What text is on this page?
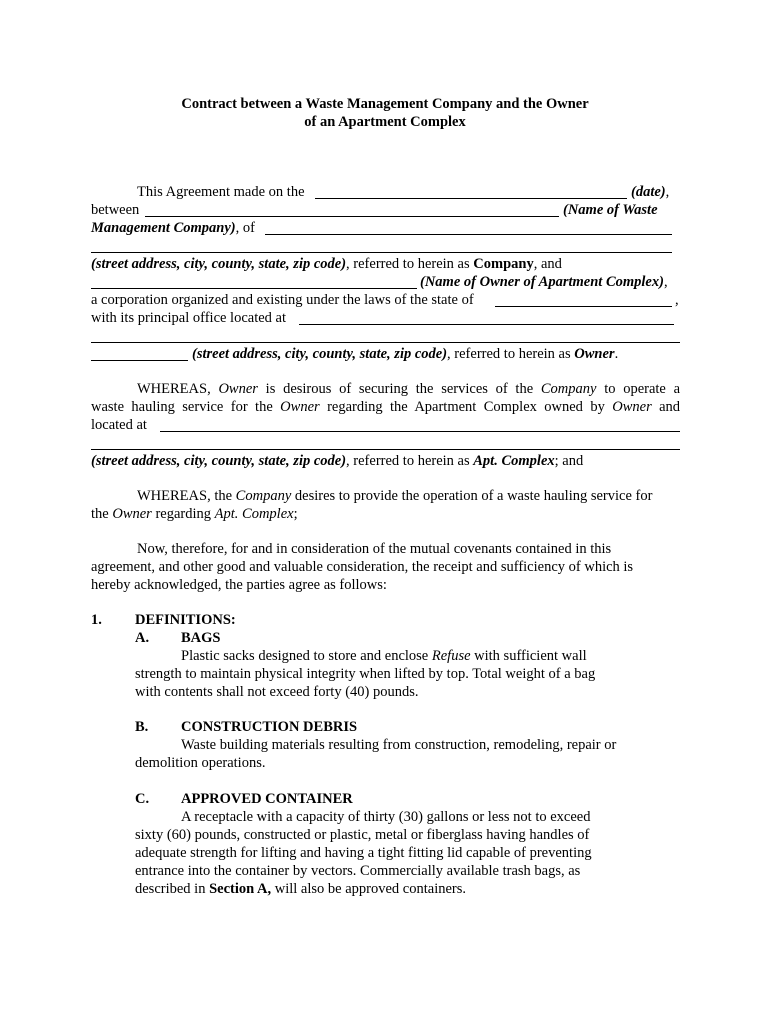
Contract between a Waste Management Company and the Owner
of an Apartment Complex
This Agreement made on the	(date),
between	(Name of Waste
Management Company), of
(street address, city, county, state, zip code), referred to herein as Company, and
(Name of Owner of Apartment Complex),
a corporation organized and existing under the laws of the state of	,
with its principal office located at
(street address, city, county, state, zip code), referred to herein as Owner.
WHEREAS, Owner is desirous of securing the services of the Company to operate a
waste hauling service for the Owner regarding the Apartment Complex owned by Owner and
located at
(street address, city, county, state, zip code), referred to herein as Apt. Complex; and
WHEREAS, the Company desires to provide the operation of a waste hauling service for
the Owner regarding Apt. Complex;
Now, therefore, for and in consideration of the mutual covenants contained in this
agreement, and other good and valuable consideration, the receipt and sufficiency of which is
hereby acknowledged, the parties agree as follows:
1. DEFINITIONS:
A. BAGS
Plastic sacks designed to store and enclose Refuse with sufficient wall
strength to maintain physical integrity when lifted by top. Total weight of a bag
with contents shall not exceed forty (40) pounds.
B. CONSTRUCTION DEBRIS
Waste building materials resulting from construction, remodeling, repair or
demolition operations.
C. APPROVED CONTAINER
A receptacle with a capacity of thirty (30) gallons or less not to exceed
sixty (60) pounds, constructed or plastic, metal or fiberglass having handles of
adequate strength for lifting and having a tight fitting lid capable of preventing
entrance into the container by vectors. Commercially available trash bags, as
described in Section A, will also be approved containers.
